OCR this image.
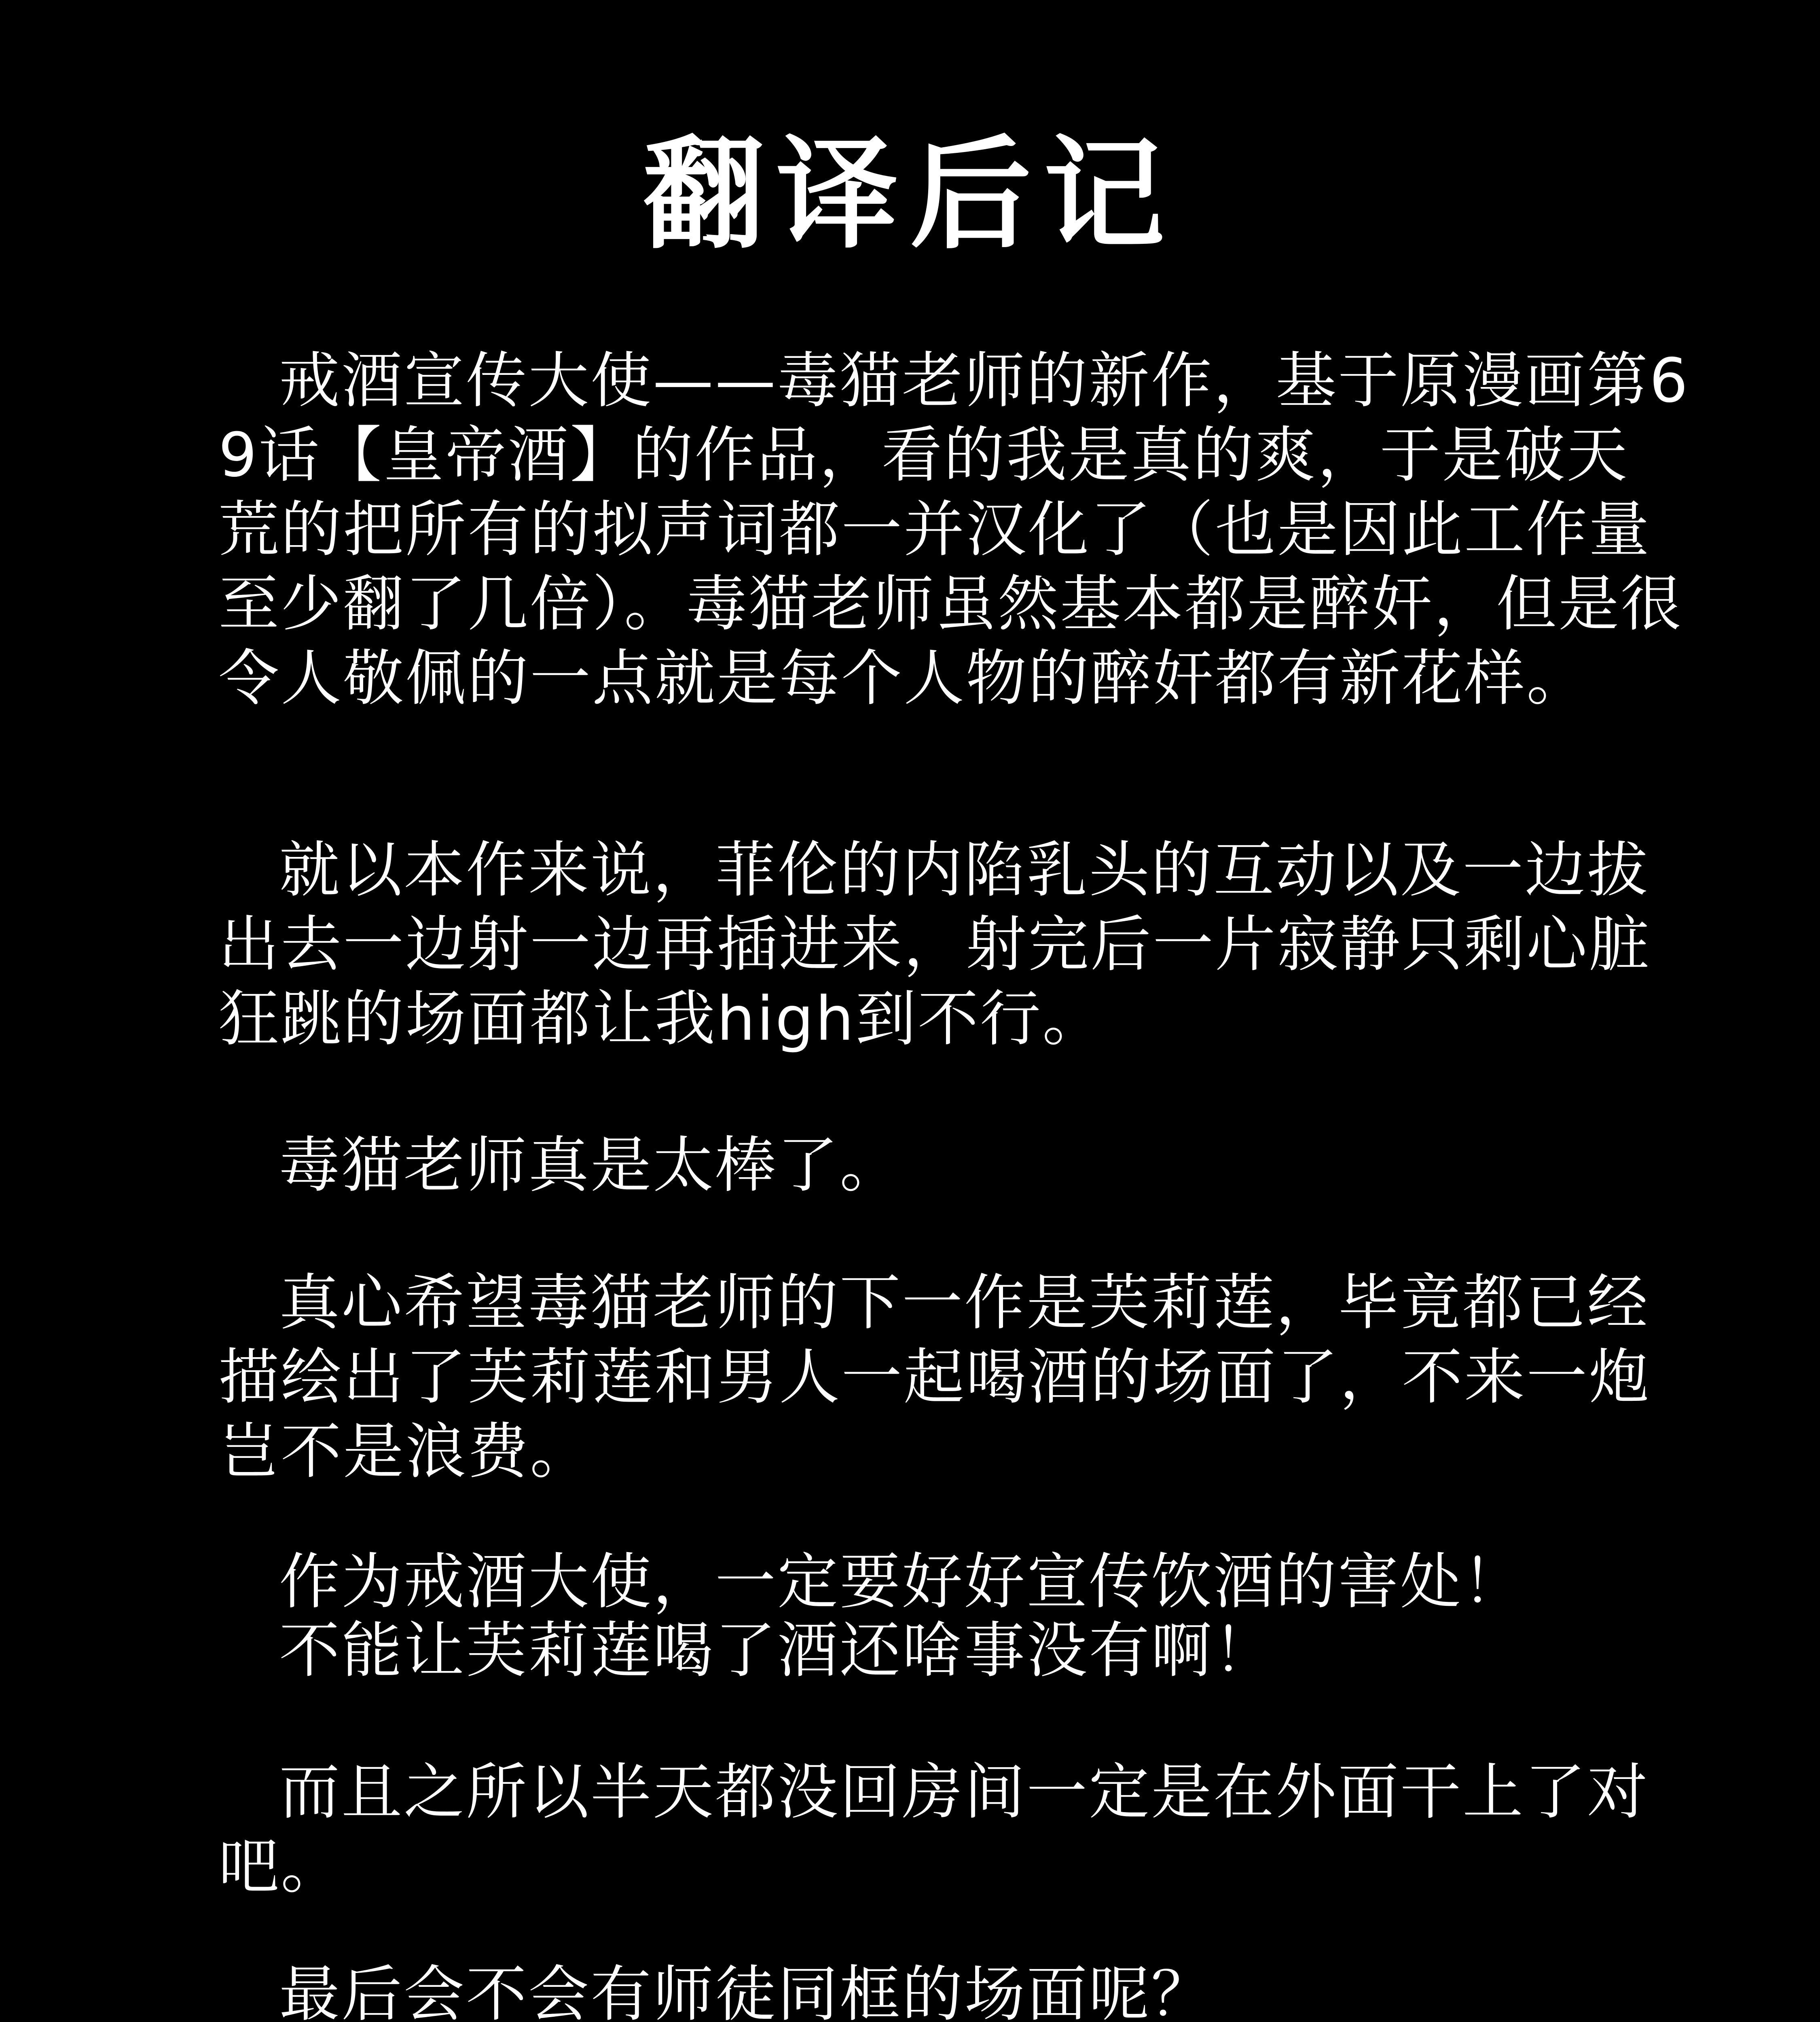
翻译后记

戒酒宣传大使——毒猫老师的新作，基于原漫画第69话【皇帝酒】的作品，看的我是真的爽，于是破天荒的把所有的拟声词都一并汉化了（也是因此工作量至少翻了几倍）。毒猫老师虽然基本都是醉奸，但是很令人敬佩的一点就是每个人物的醉奸都有新花样。

就以本作来说，菲伦的内陷乳头的互动以及一边拔出去一边射一边再插进来，射完后一片寂静只剩心脏狂跳的场面都让我high到不行。

毒猫老师真是太棒了。

真心希望毒猫老师的下一作是芙莉莲，毕竟都已经描绘出了芙莉莲和男人一起喝酒的场面了，不来一炮岂不是浪费。

作为戒酒大使，一定要好好宣传饮酒的害处！

不能让芙莉莲喝了酒还啥事没有啊！

而且之所以半天都没回房间一定是在外面干上了对吧。

最后会不会有师徒同框的场面呢？
